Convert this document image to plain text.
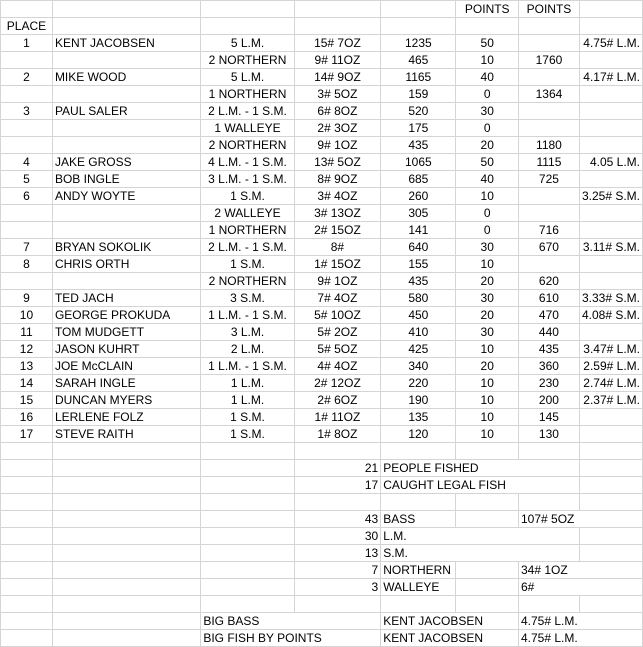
					POINTS	POINTS	
PLACE							
1	KENT JACOBSEN	5 L.M.	15# 7OZ	1235	50		4.75# L.M.
		2 NORTHERN	9# 11OZ	465	10	1760	
2	MIKE WOOD	5 L.M.	14# 9OZ	1165	40		4.17# L.M.
		1 NORTHERN	3# 5OZ	159	0	1364	
3	PAUL SALER	2 L.M. - 1 S.M.	6# 8OZ	520	30		
		1 WALLEYE	2# 3OZ	175	0		
		2 NORTHERN	9# 1OZ	435	20	1180	
4	JAKE GROSS	4 L.M. - 1 S.M.	13# 5OZ	1065	50	1115	4.05 L.M.
5	BOB INGLE	3 L.M. - 1 S.M.	8# 9OZ	685	40	725	
6	ANDY WOYTE	1 S.M.	3# 4OZ	260	10		3.25# S.M.
		2 WALLEYE	3# 13OZ	305	0		
		1 NORTHERN	2# 15OZ	141	0	716	
7	BRYAN SOKOLIK	2 L.M. - 1 S.M.	8#	640	30	670	3.11# S.M.
8	CHRIS ORTH	1 S.M.	1# 15OZ	155	10		
		2 NORTHERN	9# 1OZ	435	20	620	
9	TED JACH	3 S.M.	7# 4OZ	580	30	610	3.33# S.M.
10	GEORGE PROKUDA	1 L.M. - 1 S.M.	5# 10OZ	450	20	470	4.08# S.M.
11	TOM MUDGETT	3 L.M.	5# 2OZ	410	30	440	
12	JASON KUHRT	2 L.M.	5# 5OZ	425	10	435	3.47# L.M.
13	JOE McCLAIN	1 L.M. - 1 S.M.	4# 4OZ	340	20	360	2.59# L.M.
14	SARAH INGLE	1 L.M.	2# 12OZ	220	10	230	2.74# L.M.
15	DUNCAN MYERS	1 L.M.	2# 6OZ	190	10	200	2.37# L.M.
16	LERLENE FOLZ	1 S.M.	1# 11OZ	135	10	145	
17	STEVE RAITH	1 S.M.	1# 8OZ	120	10	130	

			21	PEOPLE FISHED			
			17	CAUGHT LEGAL FISH			

			43	BASS		107# 5OZ	
			30	L.M.			
			13	S.M.			
			7	NORTHERN		34# 1OZ	
			3	WALLEYE		6#	

		BIG BASS		KENT JACOBSEN		4.75# L.M.	
		BIG FISH BY POINTS		KENT JACOBSEN		4.75# L.M.	
